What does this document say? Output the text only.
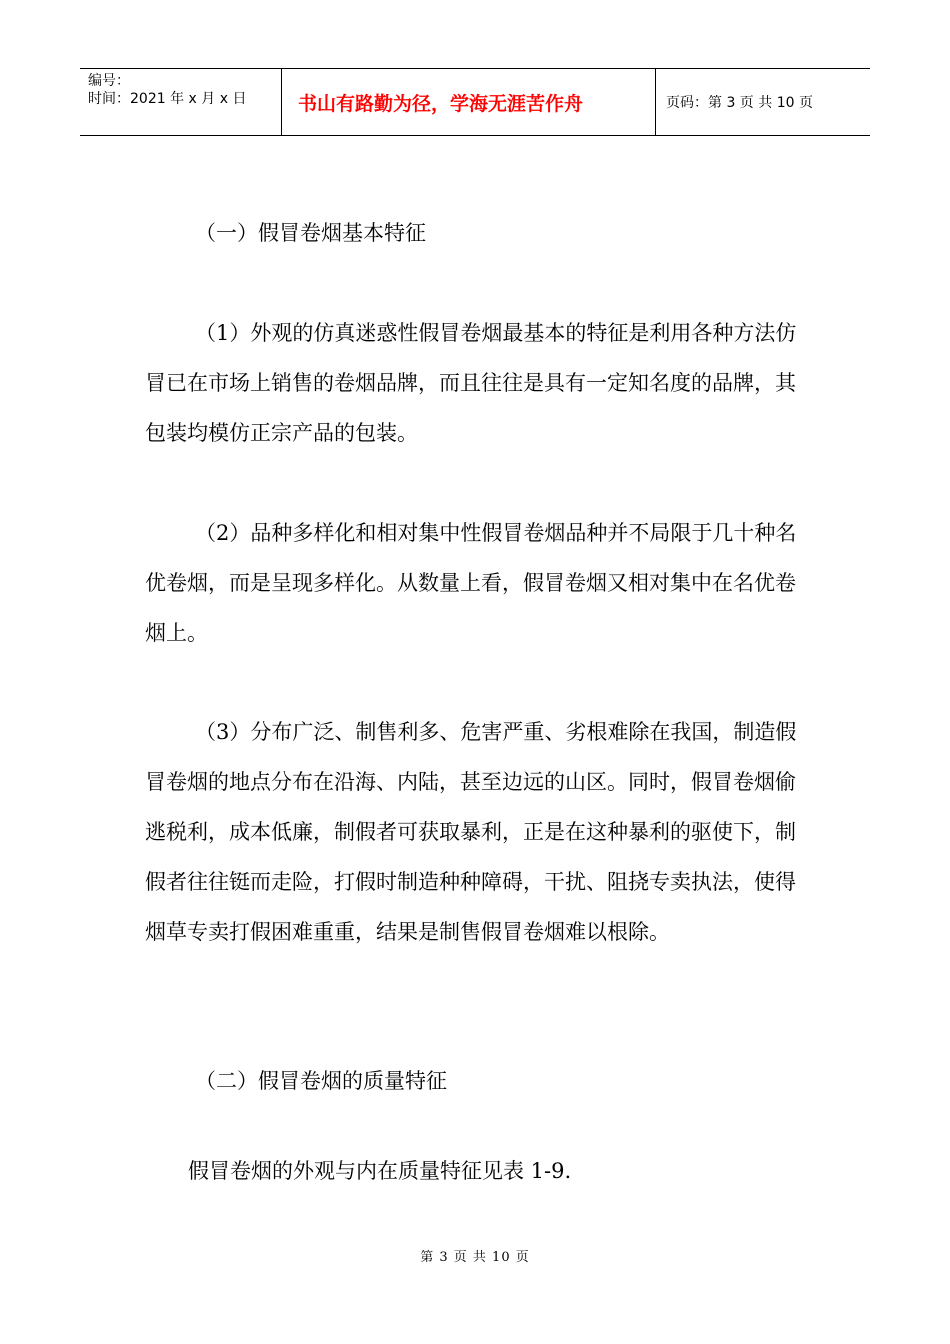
编号：
时间：2021 年 x 月 x 日	书山有路勤为径，学海无涯苦作舟	页码：第 3 页 共 10 页

（一）假冒卷烟基本特征

（1）外观的仿真迷惑性假冒卷烟最基本的特征是利用各种方法仿冒已在市场上销售的卷烟品牌，而且往往是具有一定知名度的品牌，其包装均模仿正宗产品的包装。

（2）品种多样化和相对集中性假冒卷烟品种并不局限于几十种名优卷烟，而是呈现多样化。从数量上看，假冒卷烟又相对集中在名优卷烟上。

（3）分布广泛、制售利多、危害严重、劣根难除在我国，制造假冒卷烟的地点分布在沿海、内陆，甚至边远的山区。同时，假冒卷烟偷逃税利，成本低廉，制假者可获取暴利，正是在这种暴利的驱使下，制假者往往铤而走险，打假时制造种种障碍，干扰、阻挠专卖执法，使得烟草专卖打假困难重重，结果是制售假冒卷烟难以根除。

（二）假冒卷烟的质量特征

假冒卷烟的外观与内在质量特征见表 1-9.

第 3 页 共 10 页
